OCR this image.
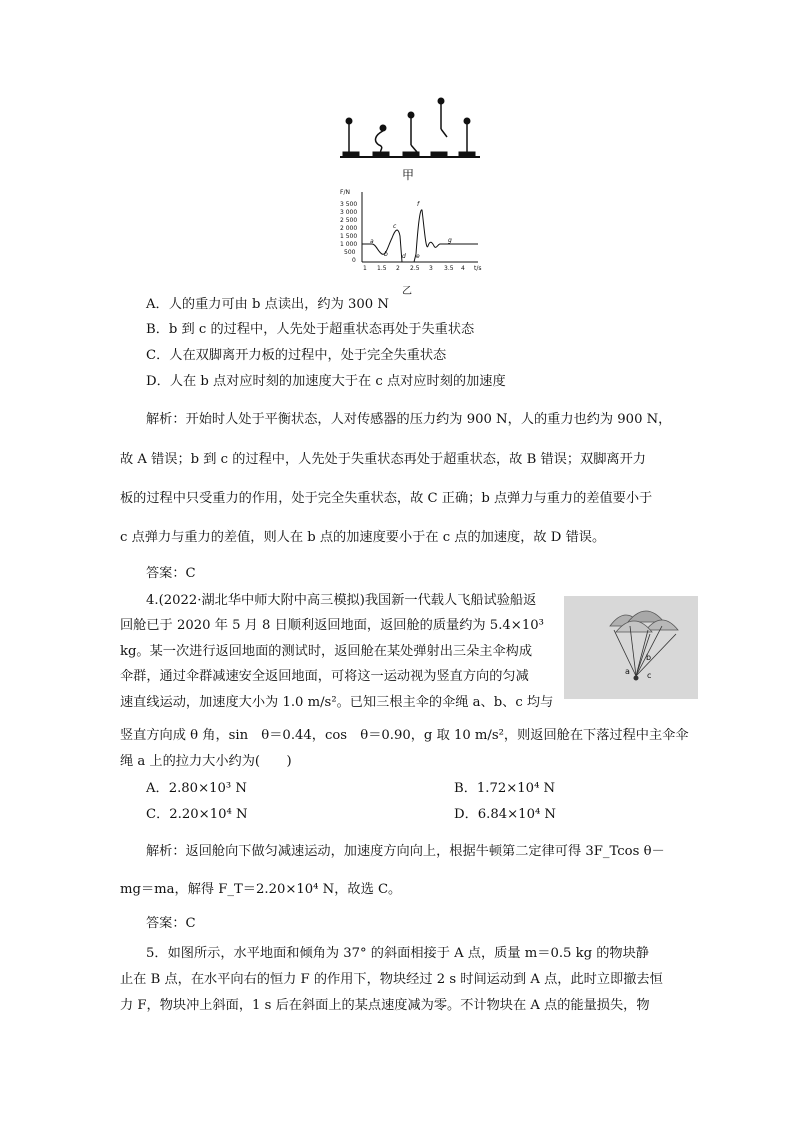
甲
F/N
t/s
3 500
3 000
2 500
2 000
1 500
1 000
500
0
1 1.5 2 2.5 3 3.5 4
a
b
c
d e
f
g
乙
A．人的重力可由 b 点读出，约为 300 N
B．b 到 c 的过程中，人先处于超重状态再处于失重状态
C．人在双脚离开力板的过程中，处于完全失重状态
D．人在 b 点对应时刻的加速度大于在 c 点对应时刻的加速度
解析：开始时人处于平衡状态，人对传感器的压力约为 900 N，人的重力也约为 900 N，
故 A 错误；b 到 c 的过程中，人先处于失重状态再处于超重状态，故 B 错误；双脚离开力
板的过程中只受重力的作用，处于完全失重状态，故 C 正确；b 点弹力与重力的差值要小于
c 点弹力与重力的差值，则人在 b 点的加速度要小于在 c 点的加速度，故 D 错误。
答案：C
4.(2022·湖北华中师大附中高三模拟)我国新一代载人飞船试验船返
回舱已于 2020 年 5 月 8 日顺利返回地面，返回舱的质量约为 5.4×10³
kg。某一次进行返回地面的测试时，返回舱在某处弹射出三朵主伞构成
伞群，通过伞群减速安全返回地面，可将这一运动视为竖直方向的匀减
速直线运动，加速度大小为 1.0 m/s²。已知三根主伞的伞绳 a、b、c 均与
竖直方向成 θ 角，sin　θ＝0.44，cos　θ＝0.90，g 取 10 m/s²，则返回舱在下落过程中主伞伞
绳 a 上的拉力大小约为(　　)
a
b
c
A．2.80×10³ N	B．1.72×10⁴ N
C．2.20×10⁴ N	D．6.84×10⁴ N
解析：返回舱向下做匀减速运动，加速度方向向上，根据牛顿第二定律可得 3F_Tcos θ－
mg＝ma，解得 F_T＝2.20×10⁴ N，故选 C。
答案：C
5．如图所示，水平地面和倾角为 37° 的斜面相接于 A 点，质量 m＝0.5 kg 的物块静
止在 B 点，在水平向右的恒力 F 的作用下，物块经过 2 s 时间运动到 A 点，此时立即撤去恒
力 F，物块冲上斜面，1 s 后在斜面上的某点速度减为零。不计物块在 A 点的能量损失，物
